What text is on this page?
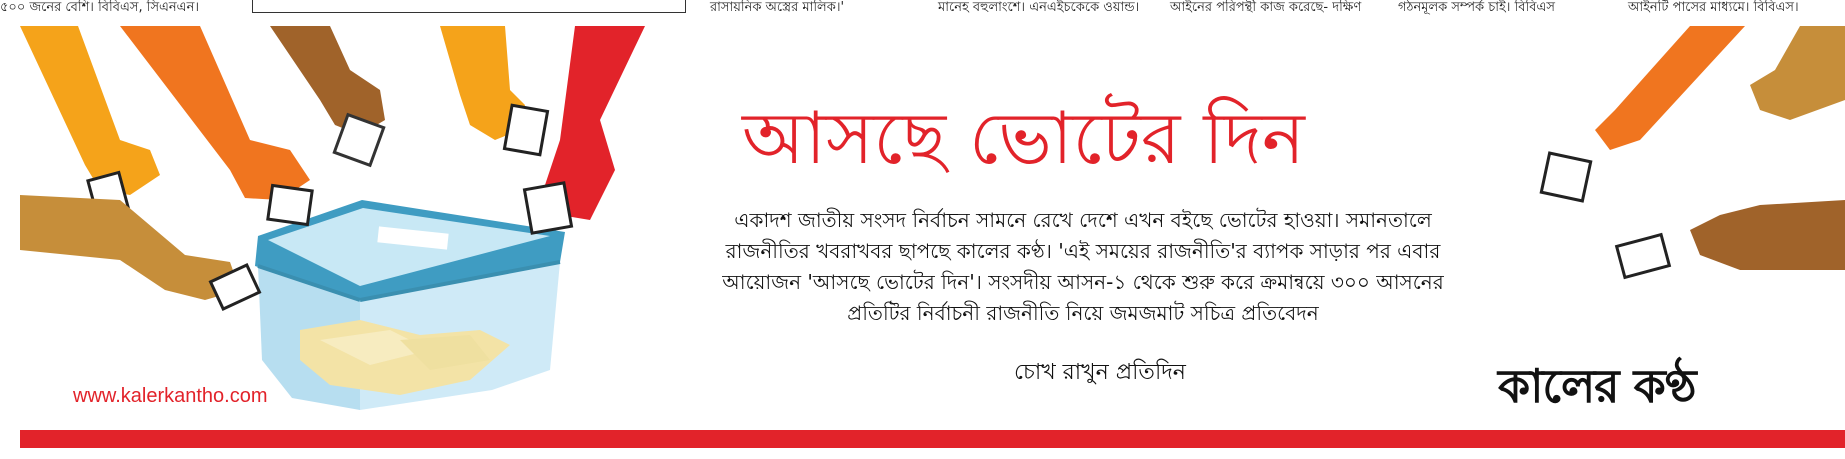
৫০০ জনের বেশি। বিবিএস, সিএনএন।	রাসায়নিক অস্ত্রের মালিক।'	মানেহ বহুলাংশে। এনএইচকেকে ওয়ান্ড। আইনের পরিপন্থী কাজ করেছে- দক্ষিণ	গঠনমূলক সম্পর্ক চাই। বিবিএস	আইনটি পাসের মাধ্যমে। বিবিএস।
আসছে ভোটের দিন
একাদশ জাতীয় সংসদ নির্বাচন সামনে রেখে দেশে এখন বইছে ভোটের হাওয়া। সমানতালে
রাজনীতির খবরাখবর ছাপছে কালের কণ্ঠ। 'এই সময়ের রাজনীতি'র ব্যাপক সাড়ার পর এবার
আয়োজন 'আসছে ভোটের দিন'। সংসদীয় আসন-১ থেকে শুরু করে ক্রমান্বয়ে ৩০০ আসনের
প্রতিটির নির্বাচনী রাজনীতি নিয়ে জমজমাট সচিত্র প্রতিবেদন
চোখ রাখুন প্রতিদিন
www.kalerkantho.com	কালের কণ্ঠ
